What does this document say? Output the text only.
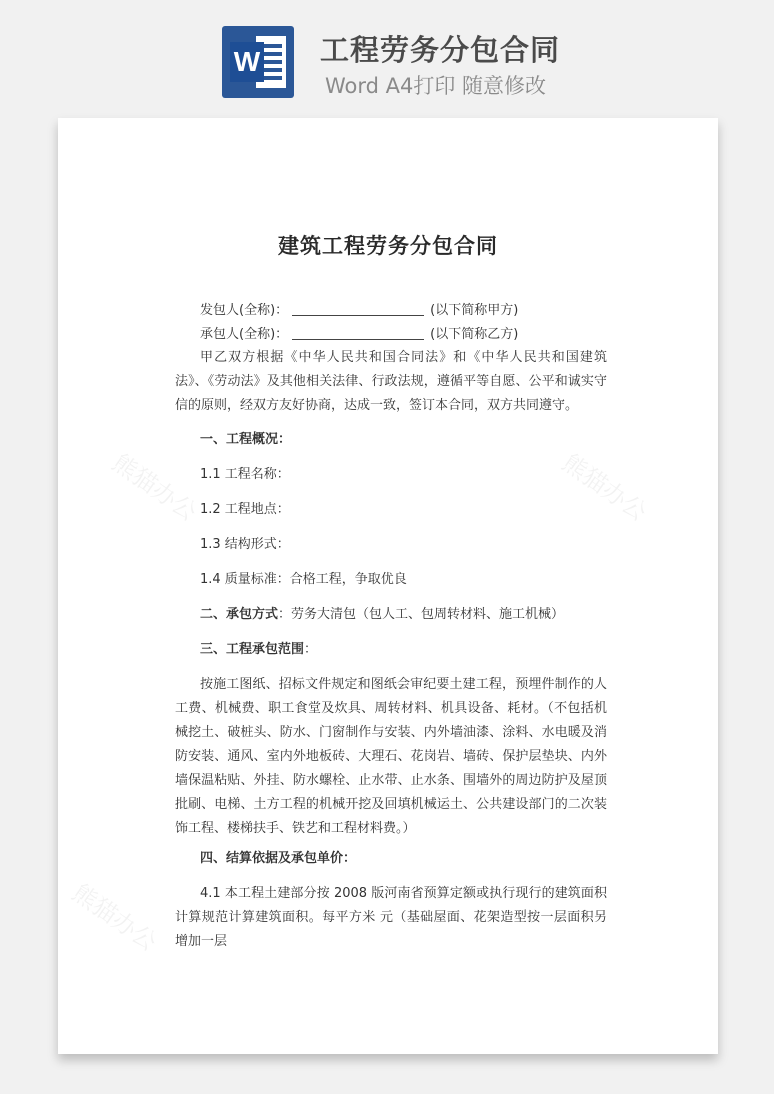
W 工程劳务分包合同
Word A4打印 随意修改
熊猫办公	熊猫办公
熊猫办公
建筑工程劳务分包合同
发包人(全称)：	(以下简称甲方)
承包人(全称)：	(以下简称乙方)
甲乙双方根据《中华人民共和国合同法》和《中华人民共和国建筑法》、《劳动法》及其他相关法律、行政法规，遵循平等自愿、公平和诚实守信的原则，经双方友好协商，达成一致，签订本合同，双方共同遵守。
一、工程概况：
1.1 工程名称：
1.2 工程地点：
1.3 结构形式：
1.4 质量标准：合格工程，争取优良
二、承包方式：劳务大清包（包人工、包周转材料、施工机械）
三、工程承包范围：
按施工图纸、招标文件规定和图纸会审纪要土建工程，预埋件制作的人工费、机械费、职工食堂及炊具、周转材料、机具设备、耗材。（不包括机械挖土、破桩头、防水、门窗制作与安装、内外墙油漆、涂料、水电暖及消防安装、通风、室内外地板砖、大理石、花岗岩、墙砖、保护层垫块、内外墙保温粘贴、外挂、防水螺栓、止水带、止水条、围墙外的周边防护及屋顶批刷、电梯、土方工程的机械开挖及回填机械运土、公共建设部门的二次装饰工程、楼梯扶手、铁艺和工程材料费。）
四、结算依据及承包单价：
4.1 本工程土建部分按 2008 版河南省预算定额或执行现行的建筑面积计算规范计算建筑面积。每平方米 元（基础屋面、花架造型按一层面积另增加一层
